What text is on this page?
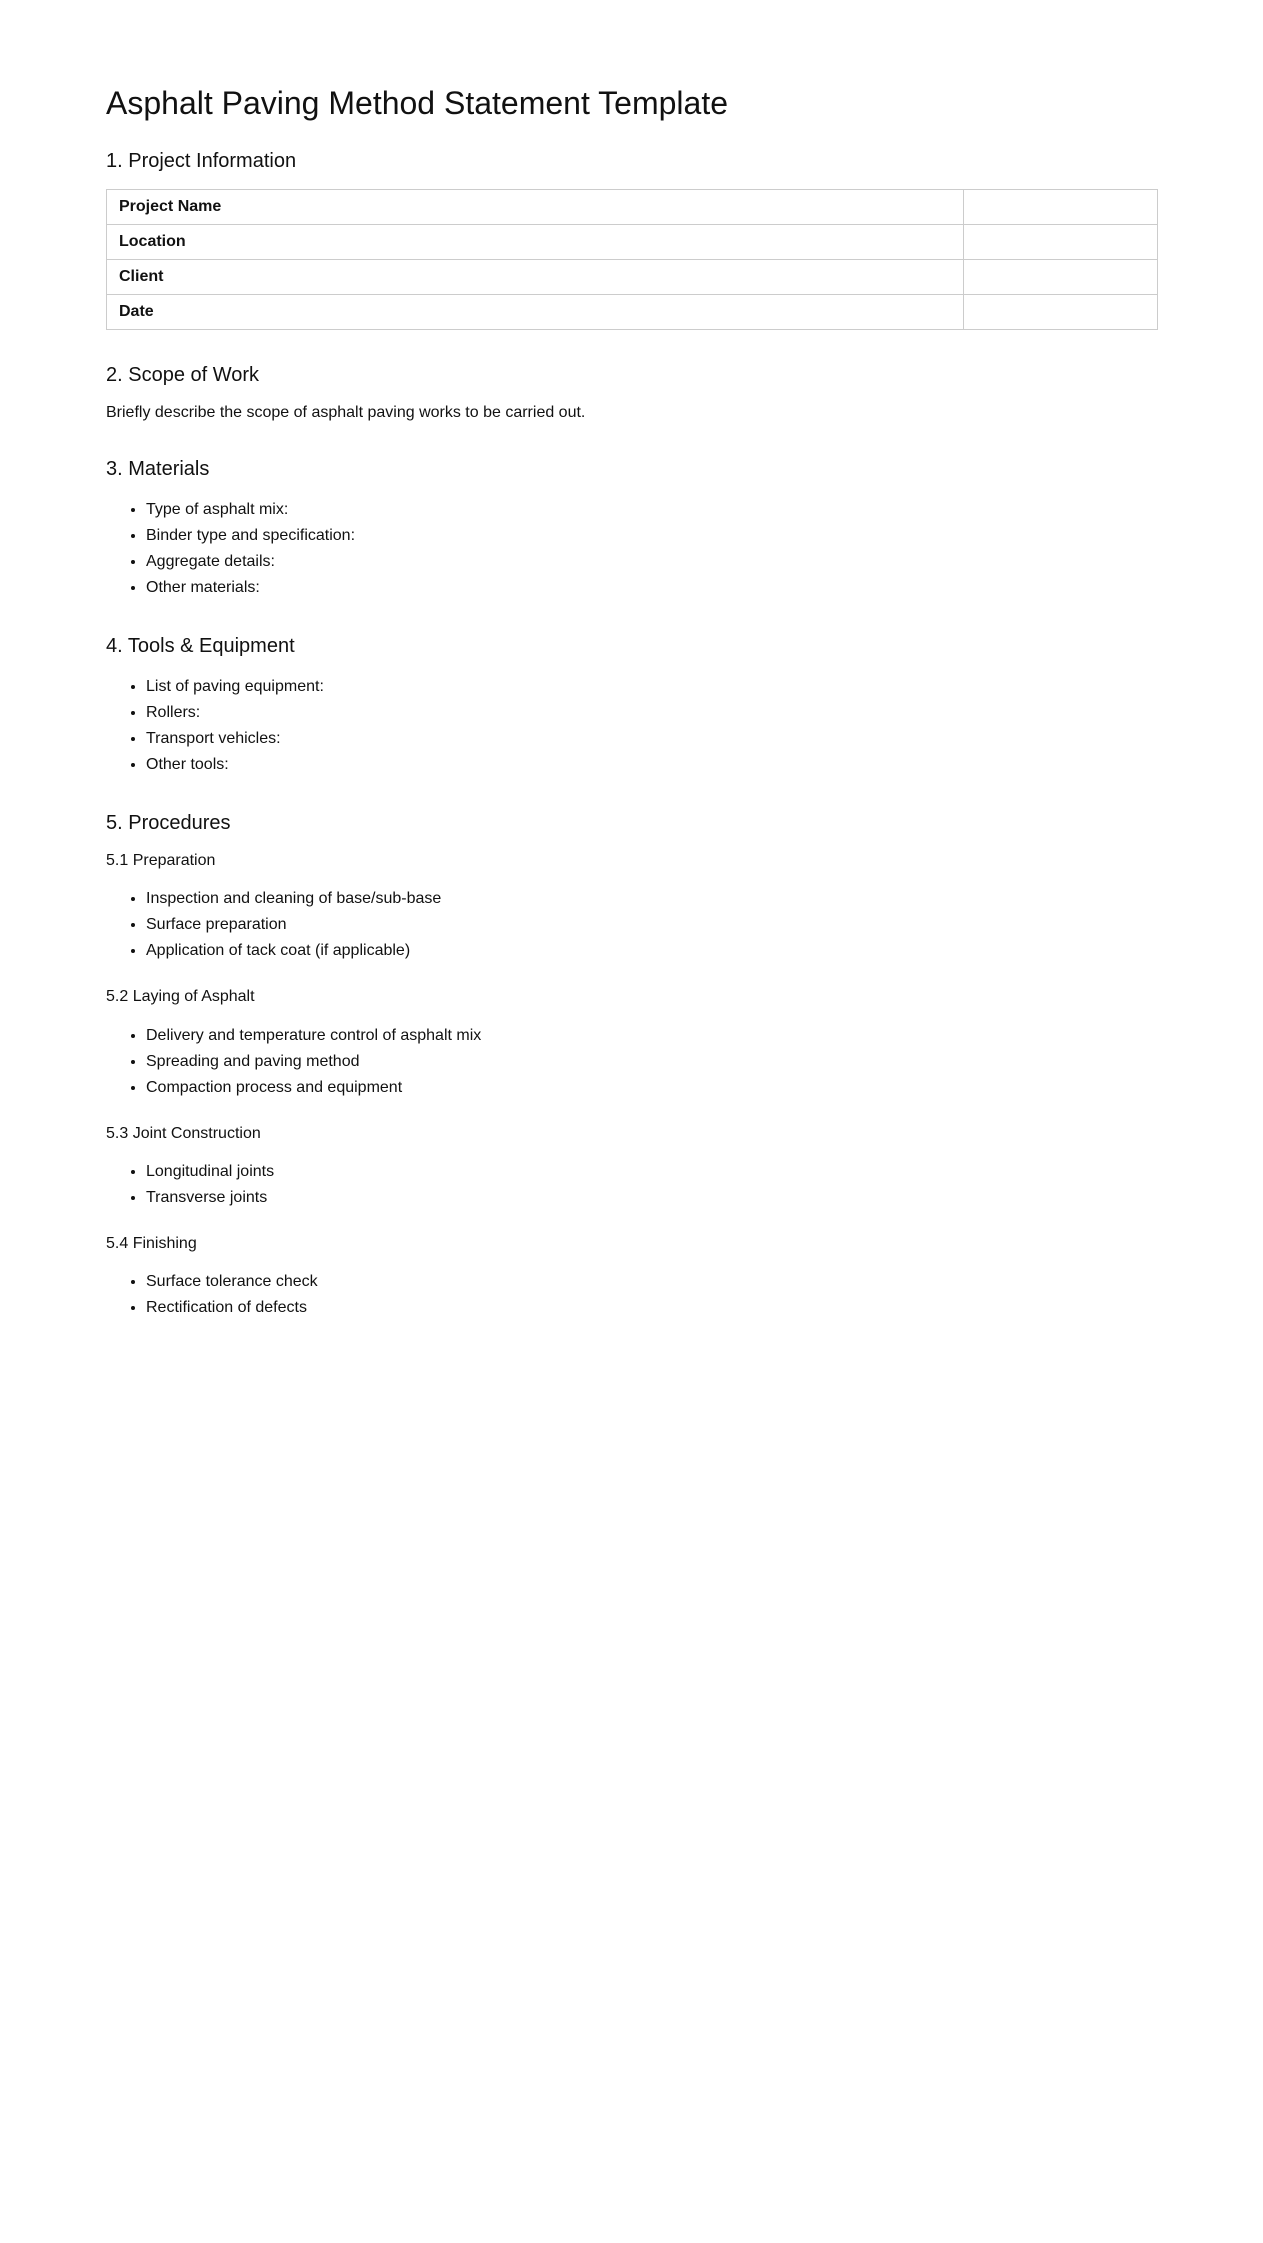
Asphalt Paving Method Statement Template
1. Project Information
Project Name	
Location	
Client	
Date	
2. Scope of Work

Briefly describe the scope of asphalt paving works to be carried out.

3. Materials
• Type of asphalt mix:
• Binder type and specification:
• Aggregate details:
• Other materials:
4. Tools & Equipment
• List of paving equipment:
• Rollers:
• Transport vehicles:
• Other tools:
5. Procedures
5.1 Preparation
• Inspection and cleaning of base/sub-base
• Surface preparation
• Application of tack coat (if applicable)
5.2 Laying of Asphalt
• Delivery and temperature control of asphalt mix
• Spreading and paving method
• Compaction process and equipment
5.3 Joint Construction
• Longitudinal joints
• Transverse joints
5.4 Finishing
• Surface tolerance check
• Rectification of defects
